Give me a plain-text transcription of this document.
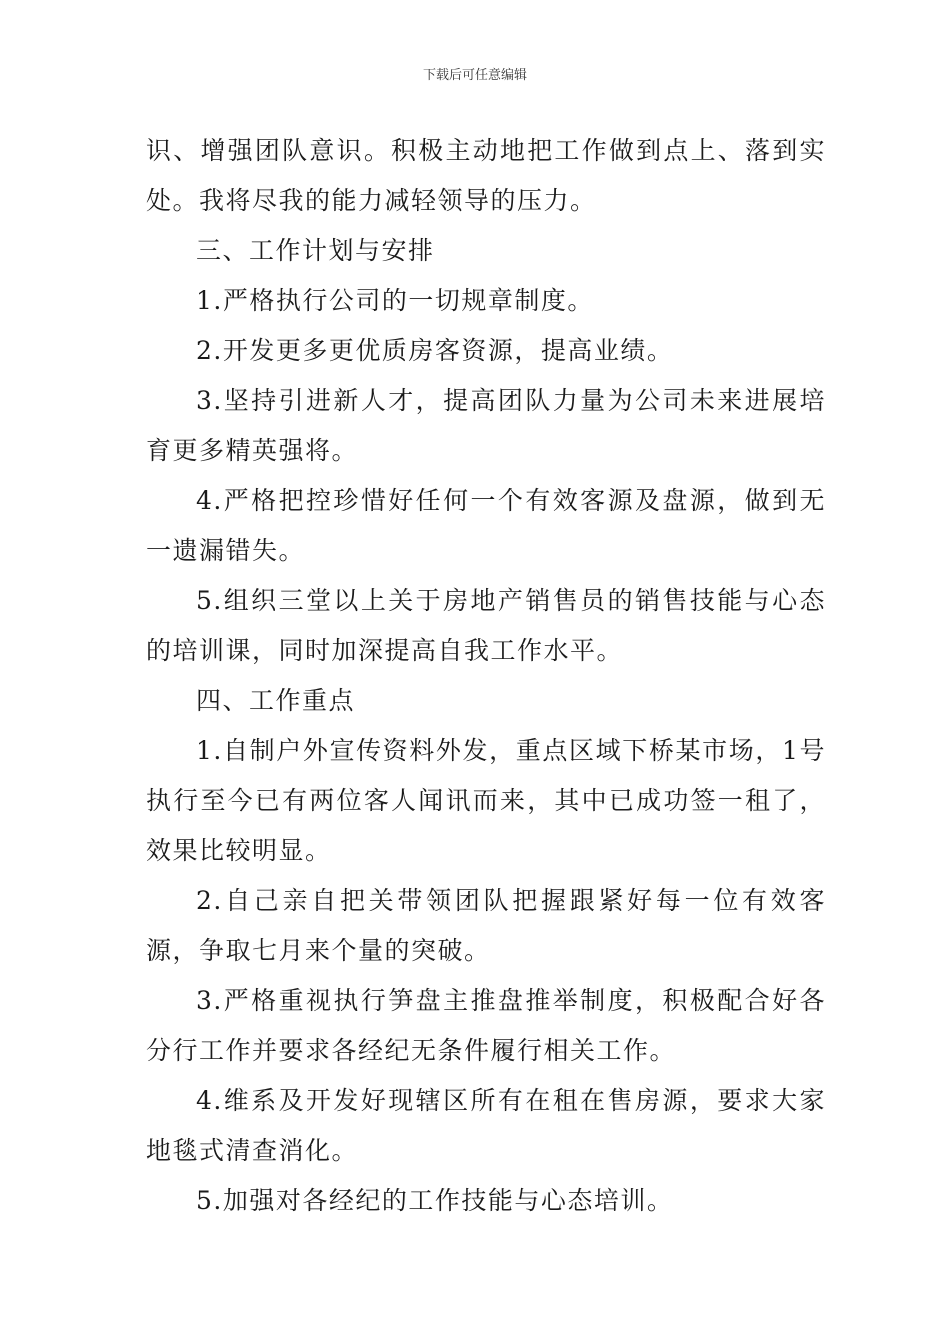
下载后可任意编辑

识、增强团队意识。积极主动地把工作做到点上、落到实处。我将尽我的能力减轻领导的压力。

三、工作计划与安排

1.严格执行公司的一切规章制度。

2.开发更多更优质房客资源，提高业绩。

3.坚持引进新人才，提高团队力量为公司未来进展培育更多精英强将。

4.严格把控珍惜好任何一个有效客源及盘源，做到无一遗漏错失。

5.组织三堂以上关于房地产销售员的销售技能与心态的培训课，同时加深提高自我工作水平。

四、工作重点

1.自制户外宣传资料外发，重点区域下桥某市场，1号执行至今已有两位客人闻讯而来，其中已成功签一租了，效果比较明显。

2.自己亲自把关带领团队把握跟紧好每一位有效客源，争取七月来个量的突破。

3.严格重视执行笋盘主推盘推举制度，积极配合好各分行工作并要求各经纪无条件履行相关工作。

4.维系及开发好现辖区所有在租在售房源，要求大家地毯式清查消化。

5.加强对各经纪的工作技能与心态培训。
